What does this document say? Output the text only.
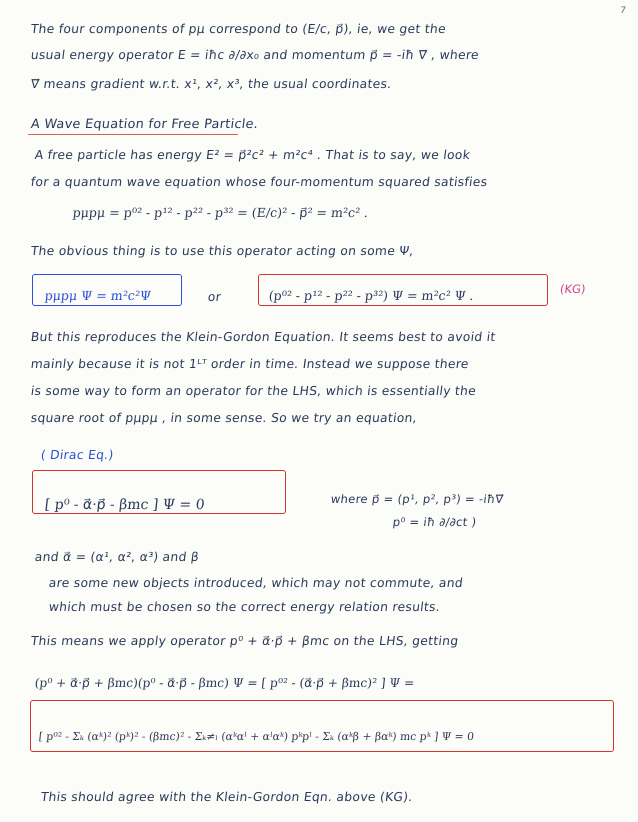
7
The four components of pμ correspond to (E/c, p⃗), ie, we get the
usual energy operator E = iħc ∂/∂x₀ and momentum p⃗ = -iħ ∇⃗ , where
∇⃗ means gradient w.r.t. x¹, x², x³, the usual coordinates.
A Wave Equation for Free Particle.
A free particle has energy E² = p⃗²c² + m²c⁴ . That is to say, we look
for a quantum wave equation whose four-momentum squared satisfies
pμpμ = p⁰² - p¹² - p²² - p³² = (E/c)² - p⃗² = m²c² .
The obvious thing is to use this operator acting on some Ψ,
pμpμ Ψ = m²c²Ψ	or	(p⁰² - p¹² - p²² - p³²) Ψ = m²c² Ψ .	(KG)
But this reproduces the Klein-Gordon Equation. It seems best to avoid it
mainly because it is not 1ᴸᵀ order in time. Instead we suppose there
is some way to form an operator for the LHS, which is essentially the
square root of pμpμ , in some sense. So we try an equation,
( Dirac Eq.)
[ p⁰ - α⃗·p⃗ - βmc ] Ψ = 0	where p⃗ = (p¹, p², p³) = -iħ∇⃗
p⁰ = iħ ∂/∂ct )
and α⃗ = (α¹, α², α³) and β
are some new objects introduced, which may not commute, and
which must be chosen so the correct energy relation results.
This means we apply operator p⁰ + α⃗·p⃗ + βmc on the LHS, getting
(p⁰ + α⃗·p⃗ + βmc)(p⁰ - α⃗·p⃗ - βmc) Ψ = [ p⁰² - (α⃗·p⃗ + βmc)² ] Ψ =
[ p⁰² - Σₖ (αᵏ)² (pᵏ)² - (βmc)² - Σₖ≠ₗ (αᵏαˡ + αˡαᵏ) pᵏpˡ - Σₖ (αᵏβ + βαᵏ) mc pᵏ ] Ψ = 0
This should agree with the Klein-Gordon Eqn. above (KG).
